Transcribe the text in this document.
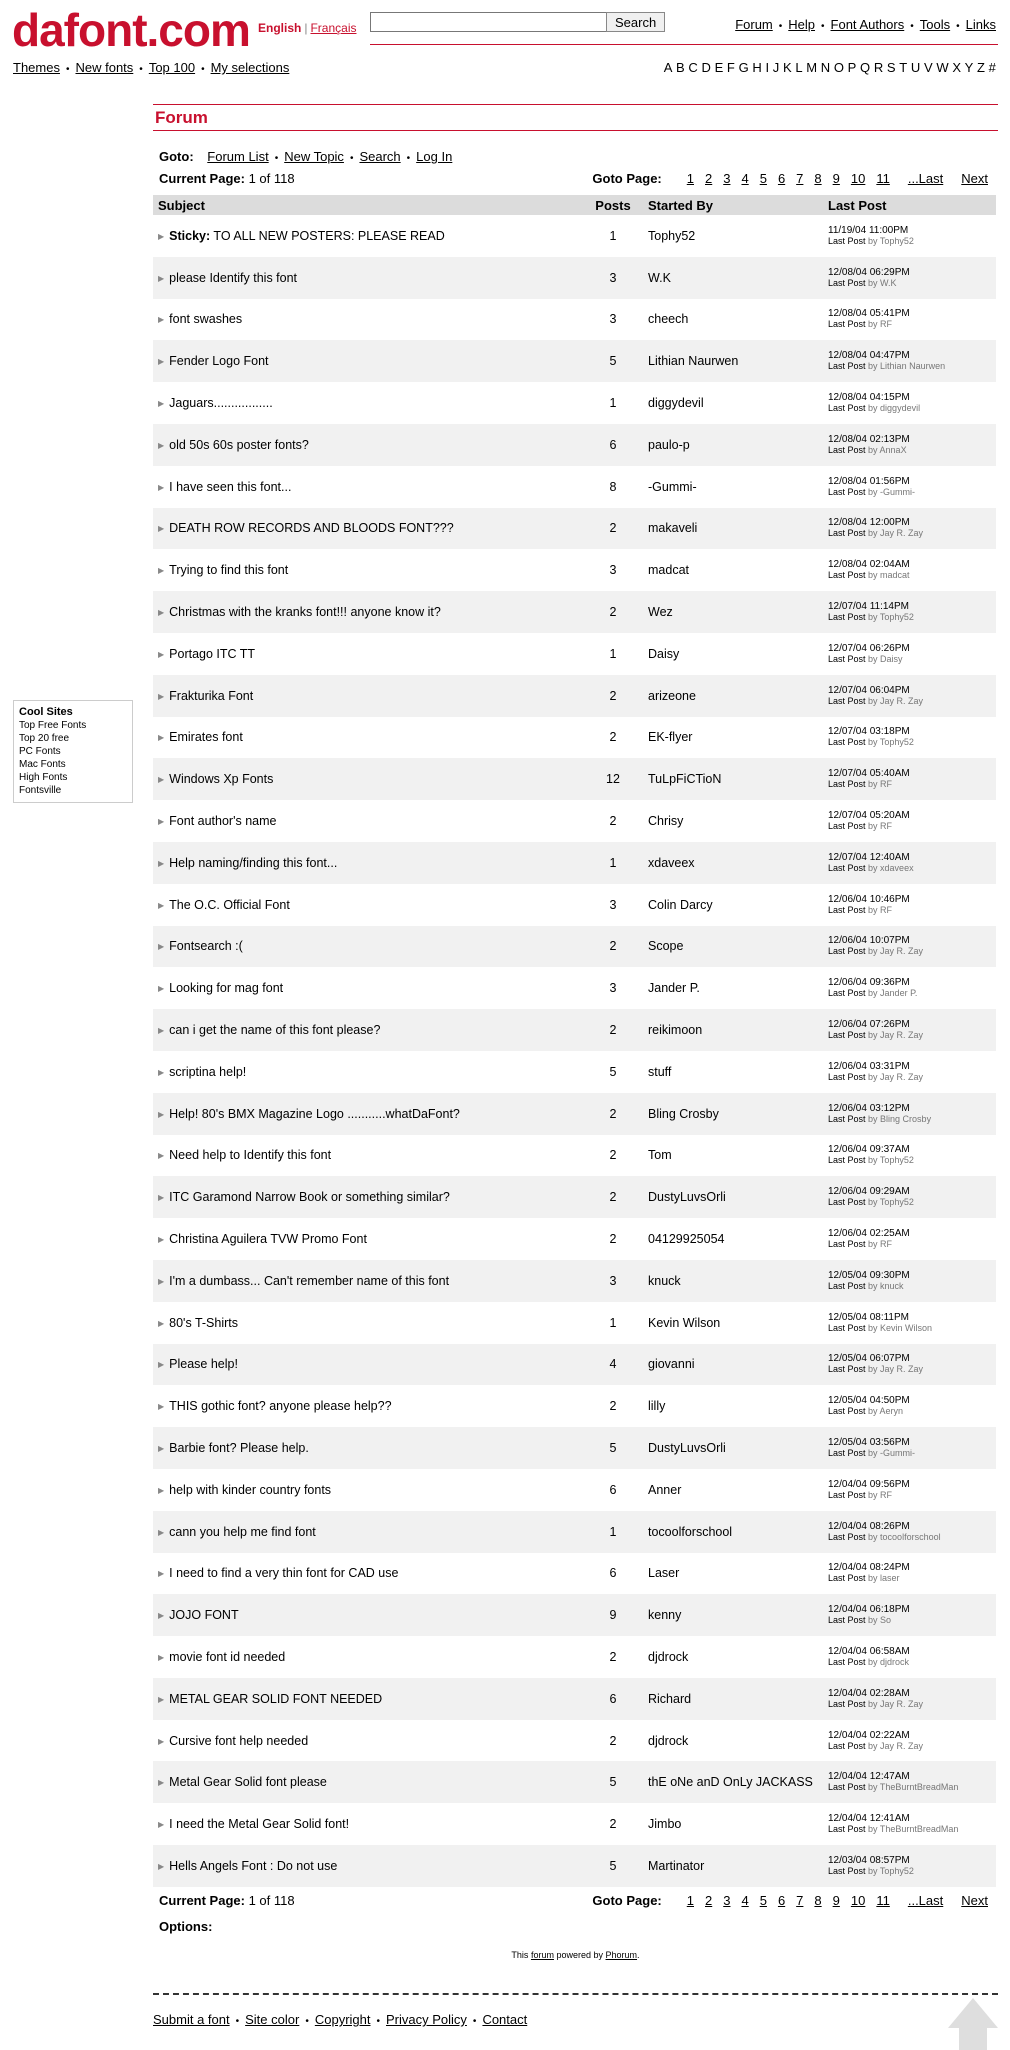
dafont.com English | Français	Search	Forum • Help • Font Authors • Tools • Links
Themes • New fonts • Top 100 • My selections	A B C D E F G H I J K L M N O P Q R S T U V W X Y Z #
Cool Sites
Top Free Fonts
Top 20 free
PC Fonts
Mac Fonts
High Fonts
Fontsville
Forum
Goto: Forum List • New Topic • Search • Log In
Current Page: 1 of 118	Goto Page: 1 2 3 4 5 6 7 8 9 10 11 ...Last Next
Subject	Posts	Started By	Last Post
▶ Sticky: TO ALL NEW POSTERS: PLEASE READ	1	Tophy52	11/19/04 11:00PM
Last Post by Tophy52

▶ please Identify this font	3	W.K	12/08/04 06:29PM
Last Post by W.K

▶ font swashes	3	cheech	12/08/04 05:41PM
Last Post by RF

▶ Fender Logo Font	5	Lithian Naurwen	12/08/04 04:47PM
Last Post by Lithian Naurwen

▶ Jaguars.................	1	diggydevil	12/08/04 04:15PM
Last Post by diggydevil

▶ old 50s 60s poster fonts?	6	paulo-p	12/08/04 02:13PM
Last Post by AnnaX

▶ I have seen this font...	8	-Gummi-	12/08/04 01:56PM
Last Post by -Gummi-

▶ DEATH ROW RECORDS AND BLOODS FONT???	2	makaveli	12/08/04 12:00PM
Last Post by Jay R. Zay

▶ Trying to find this font	3	madcat	12/08/04 02:04AM
Last Post by madcat

▶ Christmas with the kranks font!!! anyone know it?	2	Wez	12/07/04 11:14PM
Last Post by Tophy52

▶ Portago ITC TT	1	Daisy	12/07/04 06:26PM
Last Post by Daisy

▶ Frakturika Font	2	arizeone	12/07/04 06:04PM
Last Post by Jay R. Zay

▶ Emirates font	2	EK-flyer	12/07/04 03:18PM
Last Post by Tophy52

▶ Windows Xp Fonts	12	TuLpFiCTioN	12/07/04 05:40AM
Last Post by RF

▶ Font author's name	2	Chrisy	12/07/04 05:20AM
Last Post by RF

▶ Help naming/finding this font...	1	xdaveex	12/07/04 12:40AM
Last Post by xdaveex

▶ The O.C. Official Font	3	Colin Darcy	12/06/04 10:46PM
Last Post by RF

▶ Fontsearch :(	2	Scope	12/06/04 10:07PM
Last Post by Jay R. Zay

▶ Looking for mag font	3	Jander P.	12/06/04 09:36PM
Last Post by Jander P.

▶ can i get the name of this font please?	2	reikimoon	12/06/04 07:26PM
Last Post by Jay R. Zay

▶ scriptina help!	5	stuff	12/06/04 03:31PM
Last Post by Jay R. Zay

▶ Help! 80's BMX Magazine Logo ...........whatDaFont?	2	Bling Crosby	12/06/04 03:12PM
Last Post by Bling Crosby

▶ Need help to Identify this font	2	Tom	12/06/04 09:37AM
Last Post by Tophy52

▶ ITC Garamond Narrow Book or something similar?	2	DustyLuvsOrli	12/06/04 09:29AM
Last Post by Tophy52

▶ Christina Aguilera TVW Promo Font	2	04129925054	12/06/04 02:25AM
Last Post by RF

▶ I'm a dumbass... Can't remember name of this font	3	knuck	12/05/04 09:30PM
Last Post by knuck

▶ 80's T-Shirts	1	Kevin Wilson	12/05/04 08:11PM
Last Post by Kevin Wilson

▶ Please help!	4	giovanni	12/05/04 06:07PM
Last Post by Jay R. Zay

▶ THIS gothic font? anyone please help??	2	lilly	12/05/04 04:50PM
Last Post by Aeryn

▶ Barbie font? Please help.	5	DustyLuvsOrli	12/05/04 03:56PM
Last Post by -Gummi-

▶ help with kinder country fonts	6	Anner	12/04/04 09:56PM
Last Post by RF

▶ cann you help me find font	1	tocoolforschool	12/04/04 08:26PM
Last Post by tocoolforschool

▶ I need to find a very thin font for CAD use	6	Laser	12/04/04 08:24PM
Last Post by laser

▶ JOJO FONT	9	kenny	12/04/04 06:18PM
Last Post by So

▶ movie font id needed	2	djdrock	12/04/04 06:58AM
Last Post by djdrock

▶ METAL GEAR SOLID FONT NEEDED	6	Richard	12/04/04 02:28AM
Last Post by Jay R. Zay

▶ Cursive font help needed	2	djdrock	12/04/04 02:22AM
Last Post by Jay R. Zay

▶ Metal Gear Solid font please	5	thE oNe anD OnLy JACKASS	12/04/04 12:47AM
Last Post by TheBurntBreadMan

▶ I need the Metal Gear Solid font!	2	Jimbo	12/04/04 12:41AM
Last Post by TheBurntBreadMan

▶ Hells Angels Font : Do not use	5	Martinator	12/03/04 08:57PM
Last Post by Tophy52
Current Page: 1 of 118	Goto Page: 1 2 3 4 5 6 7 8 9 10 11 ...Last Next
Options:
This forum powered by Phorum.
Submit a font • Site color • Copyright • Privacy Policy • Contact
